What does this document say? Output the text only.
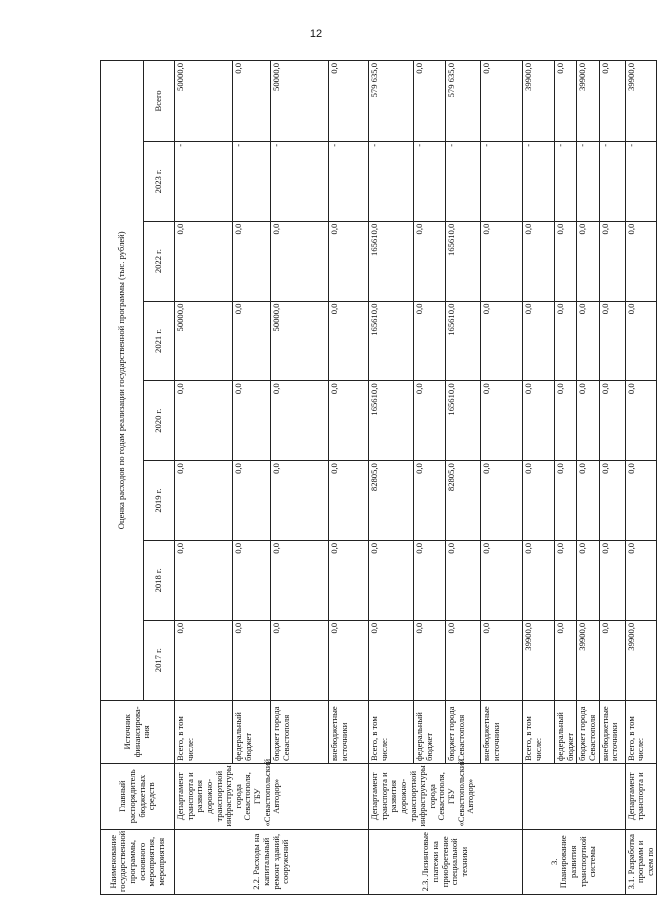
12
Наименование государственной программы, основного мероприятия, мероприятия	Главный распорядитель бюджетных средств	Источник финансирова-ния	Оценка расходов по годам реализации государственной программы (тыс. рублей)							
			2017 г.	2018 г.	2019 г.	2020 г.	2021 г.	2022 г.	2023 г.	Всего
2.2. Расходы на капитальный ремонт зданий, сооружений	Департамент транспорта и развития дорожно-транспортной инфраструктуры города Севастополя, ГБУ «Севастопольский Автодор»	Всего, в том числе:	0,0	0,0	0,0	0,0	50000,0	0,0	-	50000,0
		федеральный бюджет	0,0	0,0	0,0	0,0	0,0	0,0	-	0,0
		бюджет города Севастополя	0,0	0,0	0,0	0,0	50000,0	0,0	-	50000,0
		внебюджетные источники	0,0	0,0	0,0	0,0	0,0	0,0	-	0,0
2.3. Лизинговые платежи на приобретение специальной техники	Департамент транспорта и развития дорожно-транспортной инфраструктуры города Севастополя, ГБУ «Севастопольский Автодор»	Всего, в том числе:	0,0	0,0	82805,0	165610,0	165610,0	165610,0	-	579 635,0
		федеральный бюджет	0,0	0,0	0,0	0,0	0,0	0,0	-	0,0
		бюджет города Севастополя	0,0	0,0	82805,0	165610,0	165610,0	165610,0	-	579 635,0
		внебюджетные источники	0,0	0,0	0,0	0,0	0,0	0,0	-	0,0
3. Планирование развития транспортной системы		Всего, в том числе:	39900,0	0,0	0,0	0,0	0,0	0,0	-	39900,0
		федеральный бюджет	0,0	0,0	0,0	0,0	0,0	0,0	-	0,0
		бюджет города Севастополя	39900,0	0,0	0,0	0,0	0,0	0,0	-	39900,0
		внебюджетные источники	0,0	0,0	0,0	0,0	0,0	0,0	-	0,0
3.1. Разработка программ и схем по	Департамент транспорта и	Всего, в том числе:	39900,0	0,0	0,0	0,0	0,0	0,0	-	39900,0
